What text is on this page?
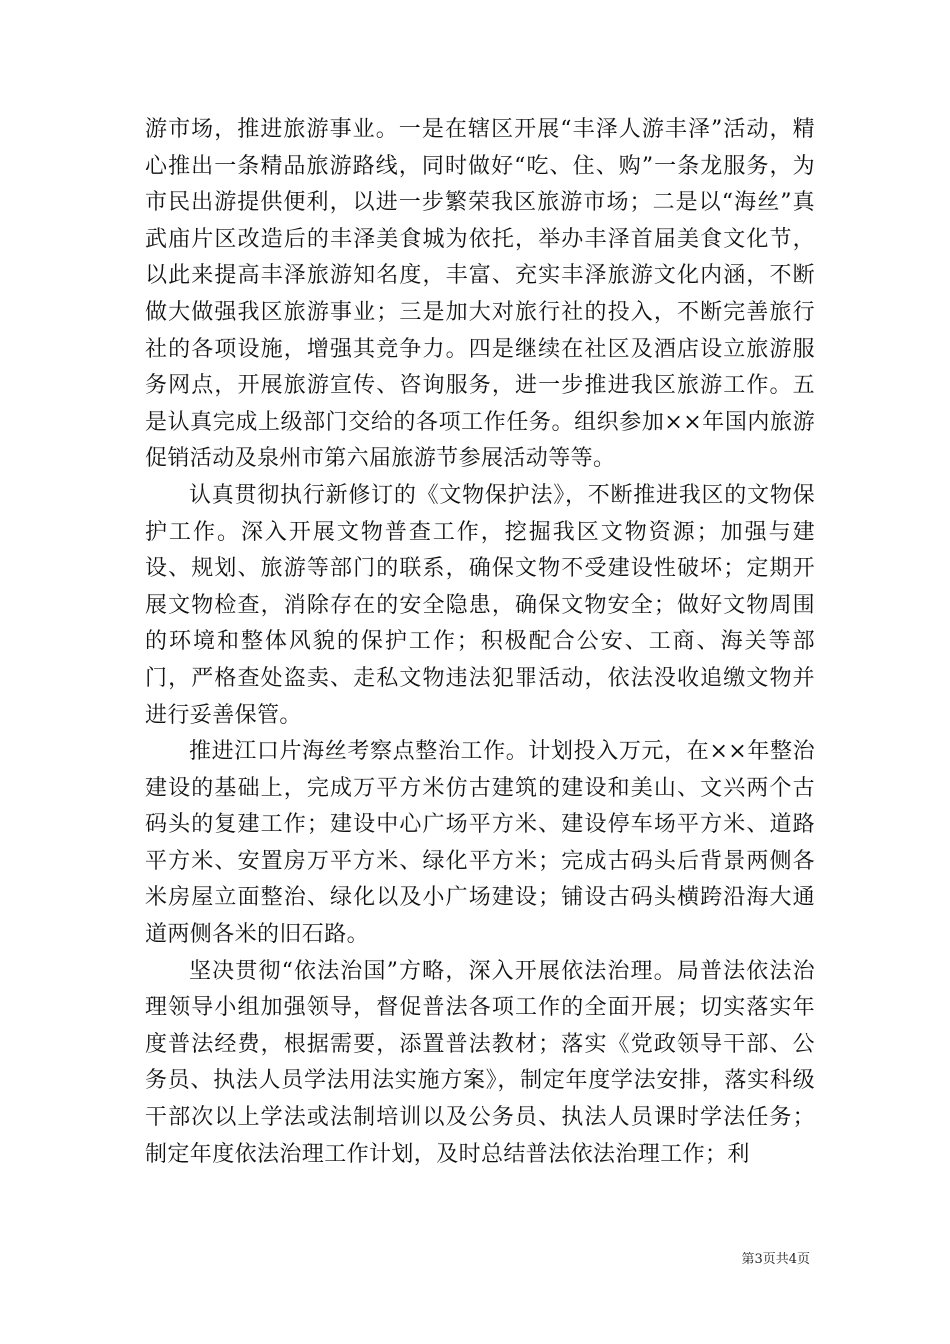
游市场，推进旅游事业。一是在辖区开展“丰泽人游丰泽”活动，精心推出一条精品旅游路线，同时做好“吃、住、购”一条龙服务，为市民出游提供便利，以进一步繁荣我区旅游市场；二是以“海丝”真武庙片区改造后的丰泽美食城为依托，举办丰泽首届美食文化节，以此来提高丰泽旅游知名度，丰富、充实丰泽旅游文化内涵，不断做大做强我区旅游事业；三是加大对旅行社的投入，不断完善旅行社的各项设施，增强其竞争力。四是继续在社区及酒店设立旅游服务网点，开展旅游宣传、咨询服务，进一步推进我区旅游工作。五是认真完成上级部门交给的各项工作任务。组织参加××年国内旅游促销活动及泉州市第六届旅游节参展活动等等。

认真贯彻执行新修订的《文物保护法》，不断推进我区的文物保护工作。深入开展文物普查工作，挖掘我区文物资源；加强与建设、规划、旅游等部门的联系，确保文物不受建设性破坏；定期开展文物检查，消除存在的安全隐患，确保文物安全；做好文物周围的环境和整体风貌的保护工作；积极配合公安、工商、海关等部门，严格查处盗卖、走私文物违法犯罪活动，依法没收追缴文物并进行妥善保管。

推进江口片海丝考察点整治工作。计划投入万元，在××年整治建设的基础上，完成万平方米仿古建筑的建设和美山、文兴两个古码头的复建工作；建设中心广场平方米、建设停车场平方米、道路平方米、安置房万平方米、绿化平方米；完成古码头后背景两侧各米房屋立面整治、绿化以及小广场建设；铺设古码头横跨沿海大通道两侧各米的旧石路。

坚决贯彻“依法治国”方略，深入开展依法治理。局普法依法治理领导小组加强领导，督促普法各项工作的全面开展；切实落实年度普法经费，根据需要，添置普法教材；落实《党政领导干部、公务员、执法人员学法用法实施方案》，制定年度学法安排，落实科级干部次以上学法或法制培训以及公务员、执法人员课时学法任务；制定年度依法治理工作计划，及时总结普法依法治理工作；利

第3页共4页
